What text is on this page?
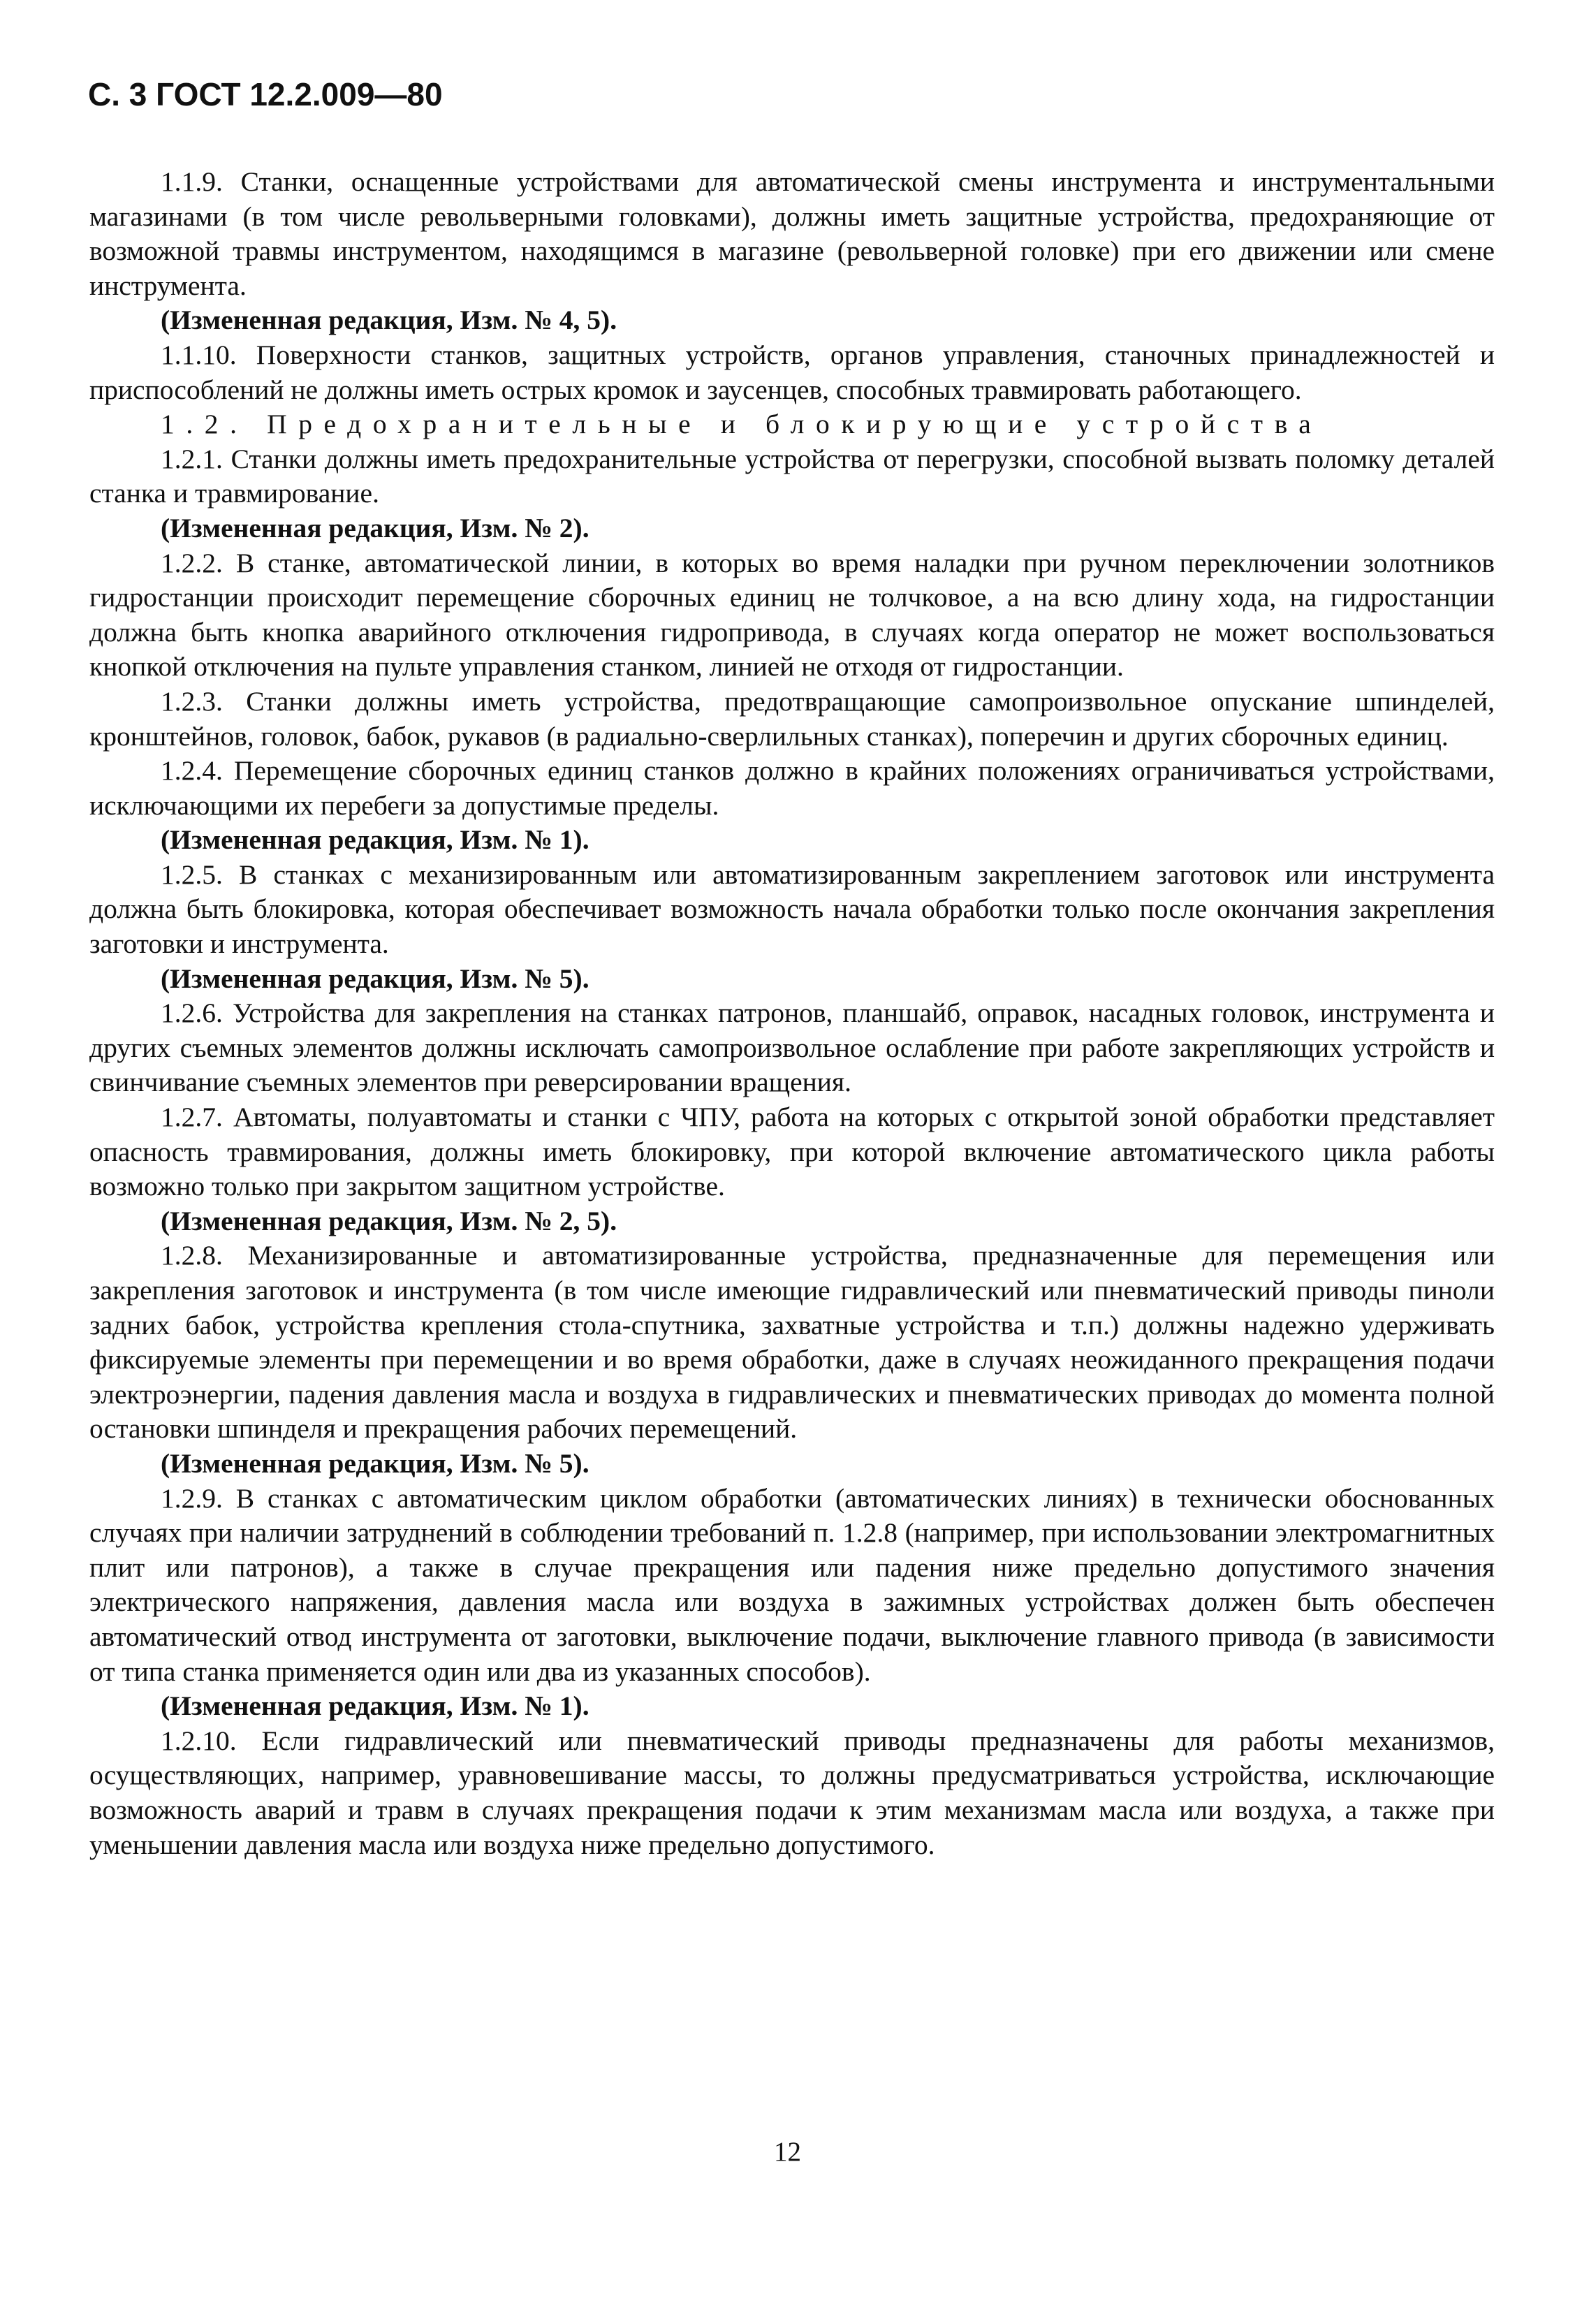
С. 3 ГОСТ 12.2.009—80

1.1.9. Станки, оснащенные устройствами для автоматической смены инструмента и инструментальными магазинами (в том числе револьверными головками), должны иметь защитные устройства, предохраняющие от возможной травмы инструментом, находящимся в магазине (револьверной головке) при его движении или смене инструмента.

(Измененная редакция, Изм. № 4, 5).

1.1.10. Поверхности станков, защитных устройств, органов управления, станочных принадлежностей и приспособлений не должны иметь острых кромок и заусенцев, способных травмировать работающего.

1.2. Предохранительные и блокирующие устройства

1.2.1. Станки должны иметь предохранительные устройства от перегрузки, способной вызвать поломку деталей станка и травмирование.

(Измененная редакция, Изм. № 2).

1.2.2. В станке, автоматической линии, в которых во время наладки при ручном переключении золотников гидростанции происходит перемещение сборочных единиц не толчковое, а на всю длину хода, на гидростанции должна быть кнопка аварийного отключения гидропривода, в случаях когда оператор не может воспользоваться кнопкой отключения на пульте управления станком, линией не отходя от гидростанции.

1.2.3. Станки должны иметь устройства, предотвращающие самопроизвольное опускание шпинделей, кронштейнов, головок, бабок, рукавов (в радиально-сверлильных станках), поперечин и других сборочных единиц.

1.2.4. Перемещение сборочных единиц станков должно в крайних положениях ограничиваться устройствами, исключающими их перебеги за допустимые пределы.

(Измененная редакция, Изм. № 1).

1.2.5. В станках с механизированным или автоматизированным закреплением заготовок или инструмента должна быть блокировка, которая обеспечивает возможность начала обработки только после окончания закрепления заготовки и инструмента.

(Измененная редакция, Изм. № 5).

1.2.6. Устройства для закрепления на станках патронов, планшайб, оправок, насадных головок, инструмента и других съемных элементов должны исключать самопроизвольное ослабление при работе закрепляющих устройств и свинчивание съемных элементов при реверсировании вращения.

1.2.7. Автоматы, полуавтоматы и станки с ЧПУ, работа на которых с открытой зоной обработки представляет опасность травмирования, должны иметь блокировку, при которой включение автоматического цикла работы возможно только при закрытом защитном устройстве.

(Измененная редакция, Изм. № 2, 5).

1.2.8. Механизированные и автоматизированные устройства, предназначенные для перемещения или закрепления заготовок и инструмента (в том числе имеющие гидравлический или пневматический приводы пиноли задних бабок, устройства крепления стола-спутника, захватные устройства и т.п.) должны надежно удерживать фиксируемые элементы при перемещении и во время обработки, даже в случаях неожиданного прекращения подачи электроэнергии, падения давления масла и воздуха в гидравлических и пневматических приводах до момента полной остановки шпинделя и прекращения рабочих перемещений.

(Измененная редакция, Изм. № 5).

1.2.9. В станках с автоматическим циклом обработки (автоматических линиях) в технически обоснованных случаях при наличии затруднений в соблюдении требований п. 1.2.8 (например, при использовании электромагнитных плит или патронов), а также в случае прекращения или падения ниже предельно допустимого значения электрического напряжения, давления масла или воздуха в зажимных устройствах должен быть обеспечен автоматический отвод инструмента от заготовки, выключение подачи, выключение главного привода (в зависимости от типа станка применяется один или два из указанных способов).

(Измененная редакция, Изм. № 1).

1.2.10. Если гидравлический или пневматический приводы предназначены для работы механизмов, осуществляющих, например, уравновешивание массы, то должны предусматриваться устройства, исключающие возможность аварий и травм в случаях прекращения подачи к этим механизмам масла или воздуха, а также при уменьшении давления масла или воздуха ниже предельно допустимого.

12
